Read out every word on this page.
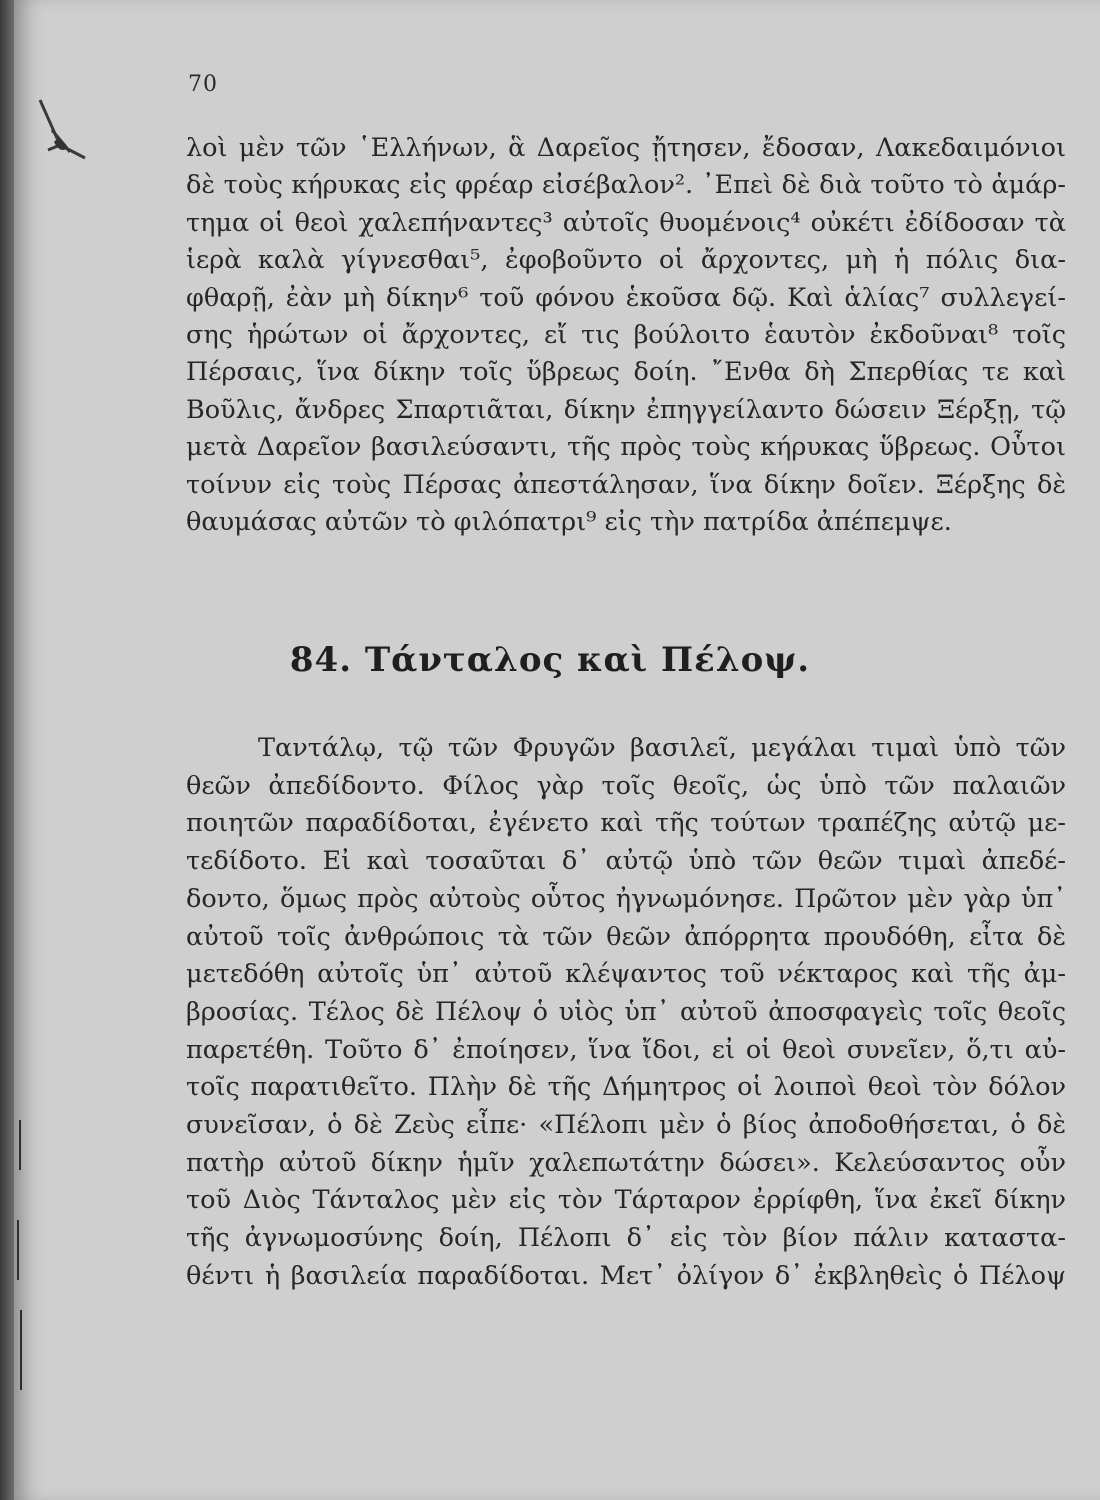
70
λοὶ μὲν τῶν ῾Ελλήνων, ἃ Δαρεῖος ᾔτησεν, ἔδοσαν, Λακεδαιμόνιοι
δὲ τοὺς κήρυκας εἰς φρέαρ εἰσέβαλον². ᾿Επεὶ δὲ διὰ τοῦτο τὸ ἁμάρ-
τημα οἱ θεοὶ χαλεπήναντες³ αὐτοῖς θυομένοις⁴ οὐκέτι ἐδίδοσαν τὰ
ἱερὰ καλὰ γίγνεσθαι⁵, ἐφοβοῦντο οἱ ἄρχοντες, μὴ ἡ πόλις δια-
φθαρῇ, ἐὰν μὴ δίκην⁶ τοῦ φόνου ἑκοῦσα δῷ. Καὶ ἁλίας⁷ συλλεγεί-
σης ἡρώτων οἱ ἄρχοντες, εἴ τις βούλοιτο ἑαυτὸν ἐκδοῦναι⁸ τοῖς
Πέρσαις, ἵνα δίκην τοῖς ὕβρεως δοίη. ῎Ενθα δὴ Σπερθίας τε καὶ
Βοῦλις, ἄνδρες Σπαρτιᾶται, δίκην ἐπηγγείλαντο δώσειν Ξέρξῃ, τῷ
μετὰ Δαρεῖον βασιλεύσαντι, τῆς πρὸς τοὺς κήρυκας ὕβρεως. Οὗτοι
τοίνυν εἰς τοὺς Πέρσας ἀπεστάλησαν, ἵνα δίκην δοῖεν. Ξέρξης δὲ
θαυμάσας αὐτῶν τὸ φιλόπατρι⁹ εἰς τὴν πατρίδα ἀπέπεμψε.
84. Τάνταλος καὶ Πέλοψ.
Ταντάλῳ, τῷ τῶν Φρυγῶν βασιλεῖ, μεγάλαι τιμαὶ ὑπὸ τῶν
θεῶν ἀπεδίδοντο. Φίλος γὰρ τοῖς θεοῖς, ὡς ὑπὸ τῶν παλαιῶν
ποιητῶν παραδίδοται, ἐγένετο καὶ τῆς τούτων τραπέζης αὐτῷ με-
τεδίδοτο. Εἰ καὶ τοσαῦται δ᾿ αὐτῷ ὑπὸ τῶν θεῶν τιμαὶ ἀπεδέ-
δοντο, ὅμως πρὸς αὐτοὺς οὗτος ἠγνωμόνησε. Πρῶτον μὲν γὰρ ὑπ᾿
αὐτοῦ τοῖς ἀνθρώποις τὰ τῶν θεῶν ἀπόρρητα προυδόθη, εἶτα δὲ
μετεδόθη αὐτοῖς ὑπ᾿ αὐτοῦ κλέψαντος τοῦ νέκταρος καὶ τῆς ἀμ-
βροσίας. Τέλος δὲ Πέλοψ ὁ υἱὸς ὑπ᾿ αὐτοῦ ἀποσφαγεὶς τοῖς θεοῖς
παρετέθη. Τοῦτο δ᾿ ἐποίησεν, ἵνα ἴδοι, εἰ οἱ θεοὶ συνεῖεν, ὅ,τι αὐ-
τοῖς παρατιθεῖτο. Πλὴν δὲ τῆς Δήμητρος οἱ λοιποὶ θεοὶ τὸν δόλον
συνεῖσαν, ὁ δὲ Ζεὺς εἶπε· «Πέλοπι μὲν ὁ βίος ἀποδοθήσεται, ὁ δὲ
πατὴρ αὐτοῦ δίκην ἡμῖν χαλεπωτάτην δώσει». Κελεύσαντος οὖν
τοῦ Διὸς Τάνταλος μὲν εἰς τὸν Τάρταρον ἐρρίφθη, ἵνα ἐκεῖ δίκην
τῆς ἀγνωμοσύνης δοίη, Πέλοπι δ᾿ εἰς τὸν βίον πάλιν καταστα-
θέντι ἡ βασιλεία παραδίδοται. Μετ᾿ ὀλίγον δ᾿ ἐκβληθεὶς ὁ Πέλοψ
